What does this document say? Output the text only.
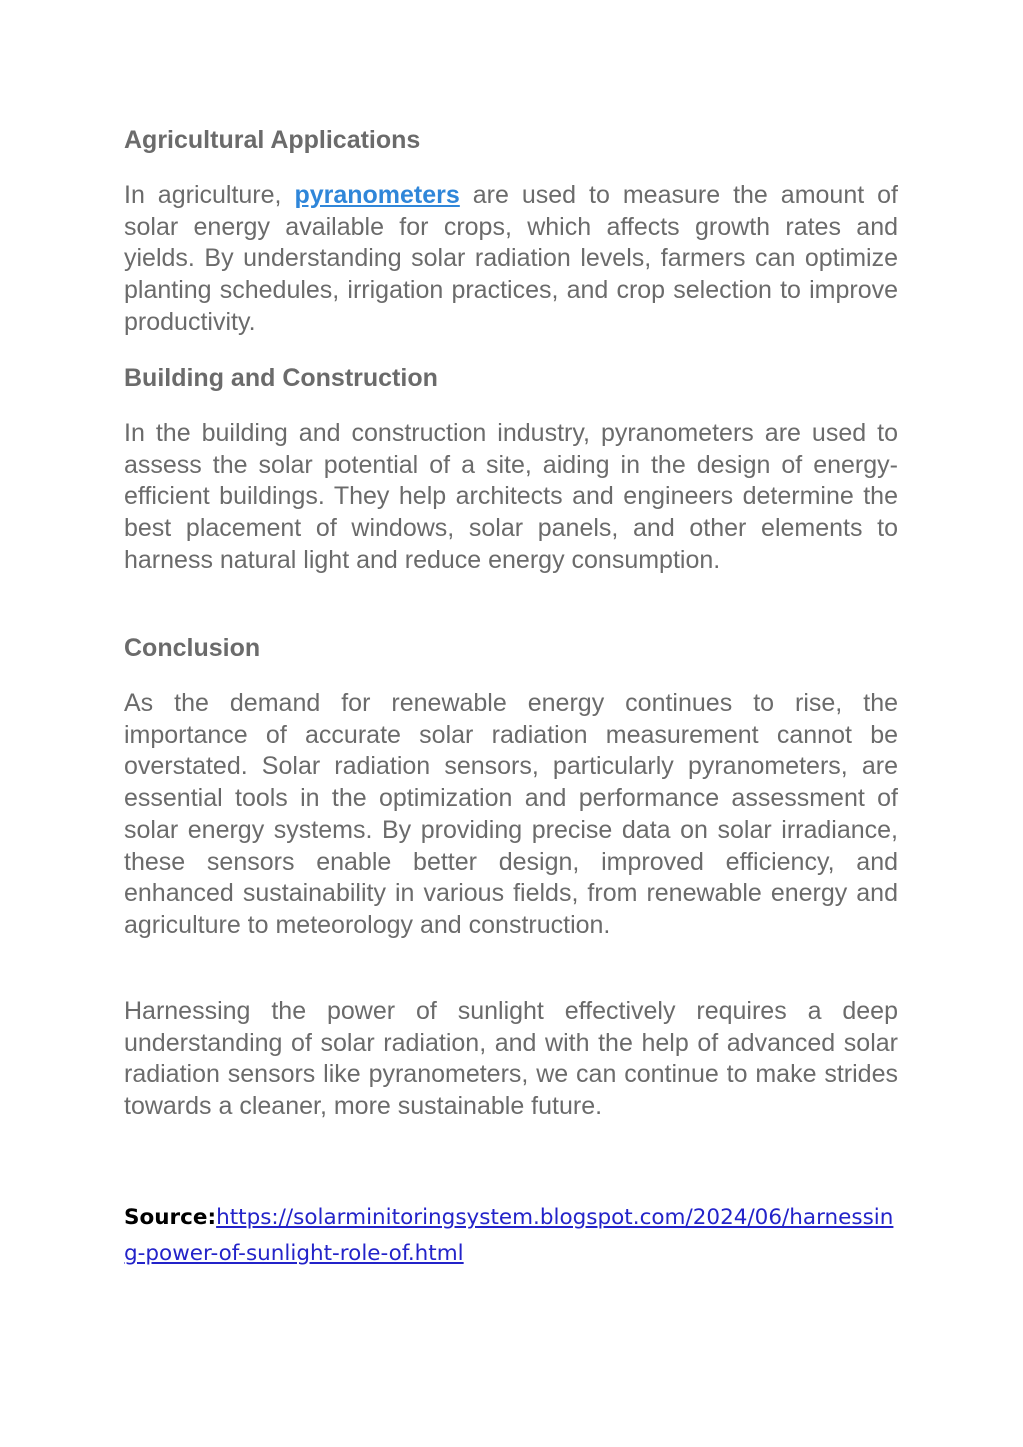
Agricultural Applications

In agriculture, pyranometers are used to measure the amount of solar energy available for crops, which affects growth rates and yields. By understanding solar radiation levels, farmers can optimize planting schedules, irrigation practices, and crop selection to improve productivity.

Building and Construction

In the building and construction industry, pyranometers are used to assess the solar potential of a site, aiding in the design of energy-efficient buildings. They help architects and engineers determine the best placement of windows, solar panels, and other elements to harness natural light and reduce energy consumption.

Conclusion

As the demand for renewable energy continues to rise, the importance of accurate solar radiation measurement cannot be overstated. Solar radiation sensors, particularly pyranometers, are essential tools in the optimization and performance assessment of solar energy systems. By providing precise data on solar irradiance, these sensors enable better design, improved efficiency, and enhanced sustainability in various fields, from renewable energy and agriculture to meteorology and construction.

Harnessing the power of sunlight effectively requires a deep understanding of solar radiation, and with the help of advanced solar radiation sensors like pyranometers, we can continue to make strides towards a cleaner, more sustainable future.

Source:https://solarminitoringsystem.blogspot.com/2024/06/harnessing-power-of-sunlight-role-of.html
